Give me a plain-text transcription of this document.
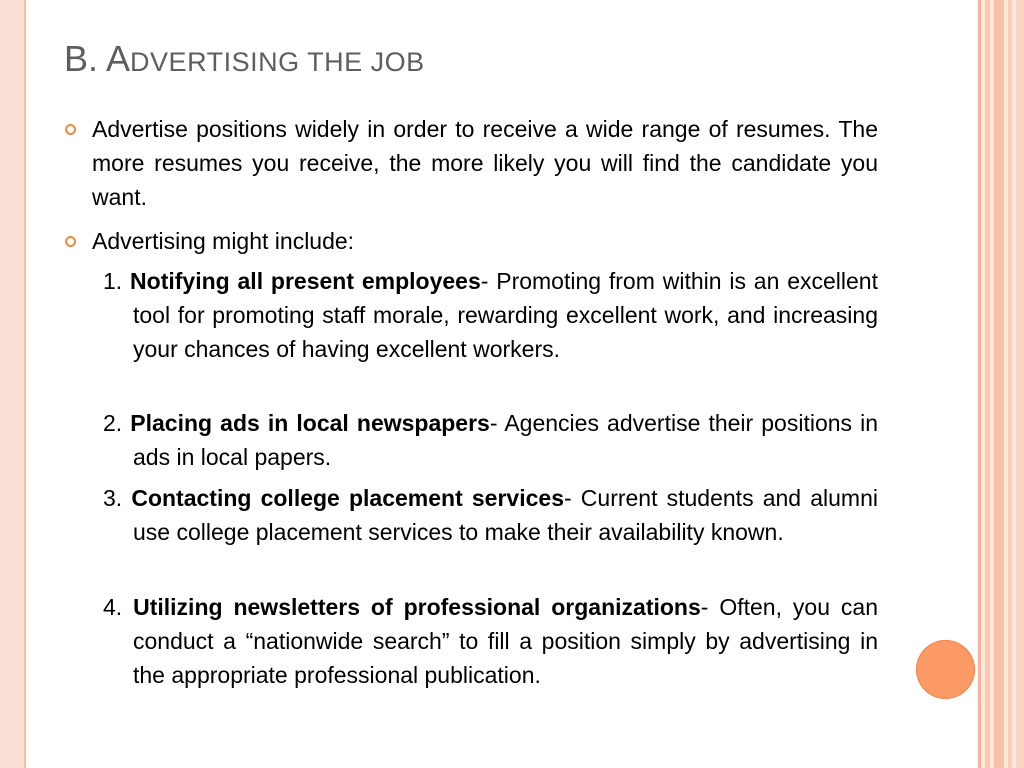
B. ADVERTISING THE JOB
Advertise positions widely in order to receive a wide range of resumes. The more resumes you receive, the more likely you will find the candidate you want.
Advertising might include:
1. Notifying all present employees- Promoting from within is an excellent tool for promoting staff morale, rewarding excellent work, and increasing your chances of having excellent workers.
2. Placing ads in local newspapers- Agencies advertise their positions in ads in local papers.
3. Contacting college placement services- Current students and alumni use college placement services to make their availability known.
4. Utilizing newsletters of professional organizations- Often, you can conduct a “nationwide search” to fill a position simply by advertising in the appropriate professional publication.
